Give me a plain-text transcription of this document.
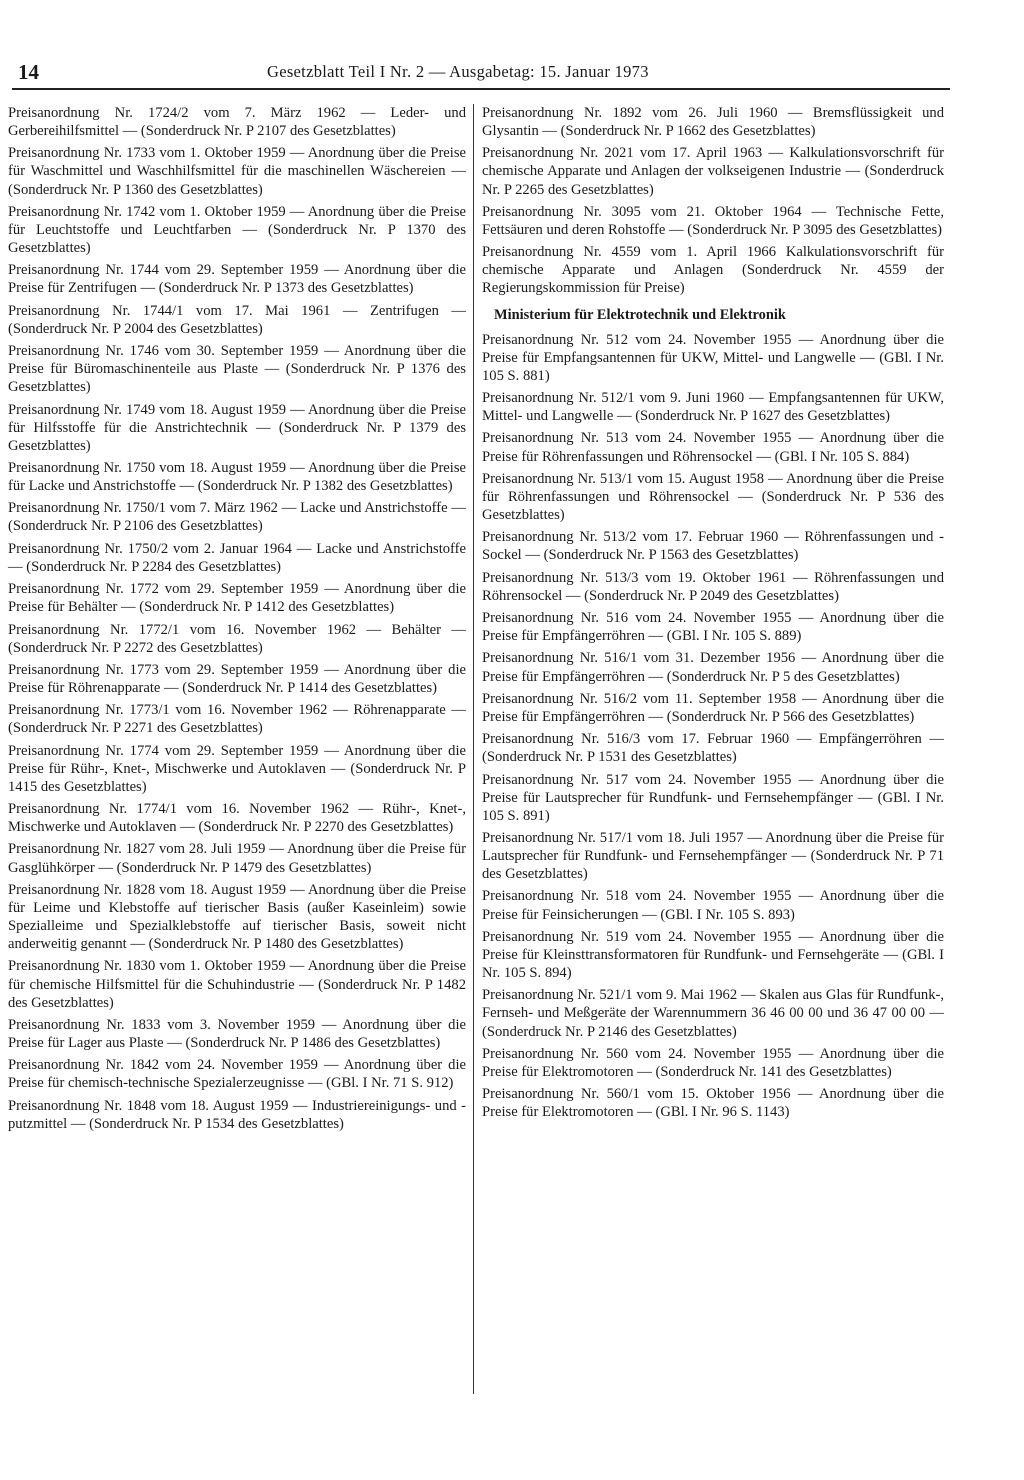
14	Gesetzblatt Teil I Nr. 2 — Ausgabetag: 15. Januar 1973

Preisanordnung Nr. 1724/2 vom 7. März 1962 — Leder- und Gerbereihilfsmittel — (Sonderdruck Nr. P 2107 des Gesetzblattes)

Preisanordnung Nr. 1733 vom 1. Oktober 1959 — Anordnung über die Preise für Waschmittel und Waschhilfsmittel für die maschinellen Wäschereien — (Sonderdruck Nr. P 1360 des Gesetzblattes)

Preisanordnung Nr. 1742 vom 1. Oktober 1959 — Anordnung über die Preise für Leuchtstoffe und Leuchtfarben — (Sonderdruck Nr. P 1370 des Gesetzblattes)

Preisanordnung Nr. 1744 vom 29. September 1959 — Anordnung über die Preise für Zentrifugen — (Sonderdruck Nr. P 1373 des Gesetzblattes)

Preisanordnung Nr. 1744/1 vom 17. Mai 1961 — Zentrifugen — (Sonderdruck Nr. P 2004 des Gesetzblattes)

Preisanordnung Nr. 1746 vom 30. September 1959 — Anordnung über die Preise für Büromaschinenteile aus Plaste — (Sonderdruck Nr. P 1376 des Gesetzblattes)

Preisanordnung Nr. 1749 vom 18. August 1959 — Anordnung über die Preise für Hilfsstoffe für die Anstrichtechnik — (Sonderdruck Nr. P 1379 des Gesetzblattes)

Preisanordnung Nr. 1750 vom 18. August 1959 — Anordnung über die Preise für Lacke und Anstrichstoffe — (Sonderdruck Nr. P 1382 des Gesetzblattes)

Preisanordnung Nr. 1750/1 vom 7. März 1962 — Lacke und Anstrichstoffe — (Sonderdruck Nr. P 2106 des Gesetzblattes)

Preisanordnung Nr. 1750/2 vom 2. Januar 1964 — Lacke und Anstrichstoffe — (Sonderdruck Nr. P 2284 des Gesetzblattes)

Preisanordnung Nr. 1772 vom 29. September 1959 — Anordnung über die Preise für Behälter — (Sonderdruck Nr. P 1412 des Gesetzblattes)

Preisanordnung Nr. 1772/1 vom 16. November 1962 — Behälter — (Sonderdruck Nr. P 2272 des Gesetzblattes)

Preisanordnung Nr. 1773 vom 29. September 1959 — Anordnung über die Preise für Röhrenapparate — (Sonderdruck Nr. P 1414 des Gesetzblattes)

Preisanordnung Nr. 1773/1 vom 16. November 1962 — Röhrenapparate — (Sonderdruck Nr. P 2271 des Gesetzblattes)

Preisanordnung Nr. 1774 vom 29. September 1959 — Anordnung über die Preise für Rühr-, Knet-, Mischwerke und Autoklaven — (Sonderdruck Nr. P 1415 des Gesetzblattes)

Preisanordnung Nr. 1774/1 vom 16. November 1962 — Rühr-, Knet-, Mischwerke und Autoklaven — (Sonderdruck Nr. P 2270 des Gesetzblattes)

Preisanordnung Nr. 1827 vom 28. Juli 1959 — Anordnung über die Preise für Gasglühkörper — (Sonderdruck Nr. P 1479 des Gesetzblattes)

Preisanordnung Nr. 1828 vom 18. August 1959 — Anordnung über die Preise für Leime und Klebstoffe auf tierischer Basis (außer Kaseinleim) sowie Spezialleime und Spezialklebstoffe auf tierischer Basis, soweit nicht anderweitig genannt — (Sonderdruck Nr. P 1480 des Gesetzblattes)

Preisanordnung Nr. 1830 vom 1. Oktober 1959 — Anordnung über die Preise für chemische Hilfsmittel für die Schuhindustrie — (Sonderdruck Nr. P 1482 des Gesetzblattes)

Preisanordnung Nr. 1833 vom 3. November 1959 — Anordnung über die Preise für Lager aus Plaste — (Sonderdruck Nr. P 1486 des Gesetzblattes)

Preisanordnung Nr. 1842 vom 24. November 1959 — Anordnung über die Preise für chemisch-technische Spezialerzeugnisse — (GBl. I Nr. 71 S. 912)

Preisanordnung Nr. 1848 vom 18. August 1959 — Industriereinigungs- und -putzmittel — (Sonderdruck Nr. P 1534 des Gesetzblattes)

Preisanordnung Nr. 1892 vom 26. Juli 1960 — Bremsflüssigkeit und Glysantin — (Sonderdruck Nr. P 1662 des Gesetzblattes)

Preisanordnung Nr. 2021 vom 17. April 1963 — Kalkulationsvorschrift für chemische Apparate und Anlagen der volkseigenen Industrie — (Sonderdruck Nr. P 2265 des Gesetzblattes)

Preisanordnung Nr. 3095 vom 21. Oktober 1964 — Technische Fette, Fettsäuren und deren Rohstoffe — (Sonderdruck Nr. P 3095 des Gesetzblattes)

Preisanordnung Nr. 4559 vom 1. April 1966 Kalkulationsvorschrift für chemische Apparate und Anlagen (Sonderdruck Nr. 4559 der Regierungskommission für Preise)

Ministerium für Elektrotechnik und Elektronik

Preisanordnung Nr. 512 vom 24. November 1955 — Anordnung über die Preise für Empfangsantennen für UKW, Mittel- und Langwelle — (GBl. I Nr. 105 S. 881)

Preisanordnung Nr. 512/1 vom 9. Juni 1960 — Empfangsantennen für UKW, Mittel- und Langwelle — (Sonderdruck Nr. P 1627 des Gesetzblattes)

Preisanordnung Nr. 513 vom 24. November 1955 — Anordnung über die Preise für Röhrenfassungen und Röhrensockel — (GBl. I Nr. 105 S. 884)

Preisanordnung Nr. 513/1 vom 15. August 1958 — Anordnung über die Preise für Röhrenfassungen und Röhrensockel — (Sonderdruck Nr. P 536 des Gesetzblattes)

Preisanordnung Nr. 513/2 vom 17. Februar 1960 — Röhrenfassungen und -Sockel — (Sonderdruck Nr. P 1563 des Gesetzblattes)

Preisanordnung Nr. 513/3 vom 19. Oktober 1961 — Röhrenfassungen und Röhrensockel — (Sonderdruck Nr. P 2049 des Gesetzblattes)

Preisanordnung Nr. 516 vom 24. November 1955 — Anordnung über die Preise für Empfängerröhren — (GBl. I Nr. 105 S. 889)

Preisanordnung Nr. 516/1 vom 31. Dezember 1956 — Anordnung über die Preise für Empfängerröhren — (Sonderdruck Nr. P 5 des Gesetzblattes)

Preisanordnung Nr. 516/2 vom 11. September 1958 — Anordnung über die Preise für Empfängerröhren — (Sonderdruck Nr. P 566 des Gesetzblattes)

Preisanordnung Nr. 516/3 vom 17. Februar 1960 — Empfängerröhren — (Sonderdruck Nr. P 1531 des Gesetzblattes)

Preisanordnung Nr. 517 vom 24. November 1955 — Anordnung über die Preise für Lautsprecher für Rundfunk- und Fernsehempfänger — (GBl. I Nr. 105 S. 891)

Preisanordnung Nr. 517/1 vom 18. Juli 1957 — Anordnung über die Preise für Lautsprecher für Rundfunk- und Fernsehempfänger — (Sonderdruck Nr. P 71 des Gesetzblattes)

Preisanordnung Nr. 518 vom 24. November 1955 — Anordnung über die Preise für Feinsicherungen — (GBl. I Nr. 105 S. 893)

Preisanordnung Nr. 519 vom 24. November 1955 — Anordnung über die Preise für Kleinsttransformatoren für Rundfunk- und Fernsehgeräte — (GBl. I Nr. 105 S. 894)

Preisanordnung Nr. 521/1 vom 9. Mai 1962 — Skalen aus Glas für Rundfunk-, Fernseh- und Meßgeräte der Warennummern 36 46 00 00 und 36 47 00 00 — (Sonderdruck Nr. P 2146 des Gesetzblattes)

Preisanordnung Nr. 560 vom 24. November 1955 — Anordnung über die Preise für Elektromotoren — (Sonderdruck Nr. 141 des Gesetzblattes)

Preisanordnung Nr. 560/1 vom 15. Oktober 1956 — Anordnung über die Preise für Elektromotoren — (GBl. I Nr. 96 S. 1143)
